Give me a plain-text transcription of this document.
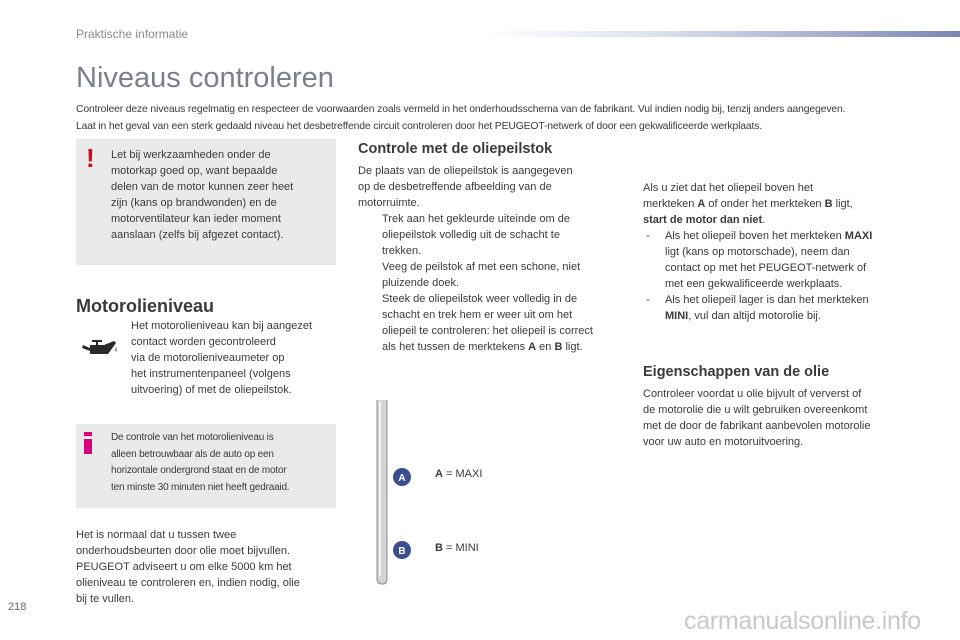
Praktische informatie
Niveaus controleren

Controleer deze niveaus regelmatig en respecteer de voorwaarden zoals vermeld in het onderhoudsschema van de fabrikant. Vul indien nodig bij, tenzij anders aangegeven.

Laat in het geval van een sterk gedaald niveau het desbetreffende circuit controleren door het PEUGEOT-netwerk of door een gekwalificeerde werkplaats.

!	Let bij werkzaamheden onder de

motorkap goed op, want bepaalde

delen van de motor kunnen zeer heet

zijn (kans op brandwonden) en de

motorventilateur kan ieder moment

aanslaan (zelfs bij afgezet contact).

Motorolieniveau

Het motorolieniveau kan bij aangezet

contact worden gecontroleerd

via de motorolieniveaumeter op

het instrumentenpaneel (volgens

uitvoering) of met de oliepeilstok.

De controle van het motorolieniveau is

alleen betrouwbaar als de auto op een

horizontale ondergrond staat en de motor

ten minste 30 minuten niet heeft gedraaid.

Het is normaal dat u tussen twee

onderhoudsbeurten door olie moet bijvullen.

PEUGEOT adviseert u om elke 5000 km het

olieniveau te controleren en, indien nodig, olie

bij te vullen.

Controle met de oliepeilstok

De plaats van de oliepeilstok is aangegeven

op de desbetreffende afbeelding van de

motorruimte.

Trek aan het gekleurde uiteinde om de

oliepeilstok volledig uit de schacht te

trekken.

Veeg de peilstok af met een schone, niet

pluizende doek.

Steek de oliepeilstok weer volledig in de

schacht en trek hem er weer uit om het

oliepeil te controleren: het oliepeil is correct

als het tussen de merktekens A en B ligt.

Als u ziet dat het oliepeil boven het

merkteken A of onder het merkteken B ligt,

start de motor dan niet.

- Als het oliepeil boven het merkteken MAXI

ligt (kans op motorschade), neem dan

contact op met het PEUGEOT-netwerk of

met een gekwalificeerde werkplaats.

- Als het oliepeil lager is dan het merkteken

MINI, vul dan altijd motorolie bij.

Eigenschappen van de olie

Controleer voordat u olie bijvult of ververst of

de motorolie die u wilt gebruiken overeenkomt

met de door de fabrikant aanbevolen motorolie

voor uw auto en motoruitvoering.

A
B
A = MAXI
B = MINI
218	carmanualsonline.info
